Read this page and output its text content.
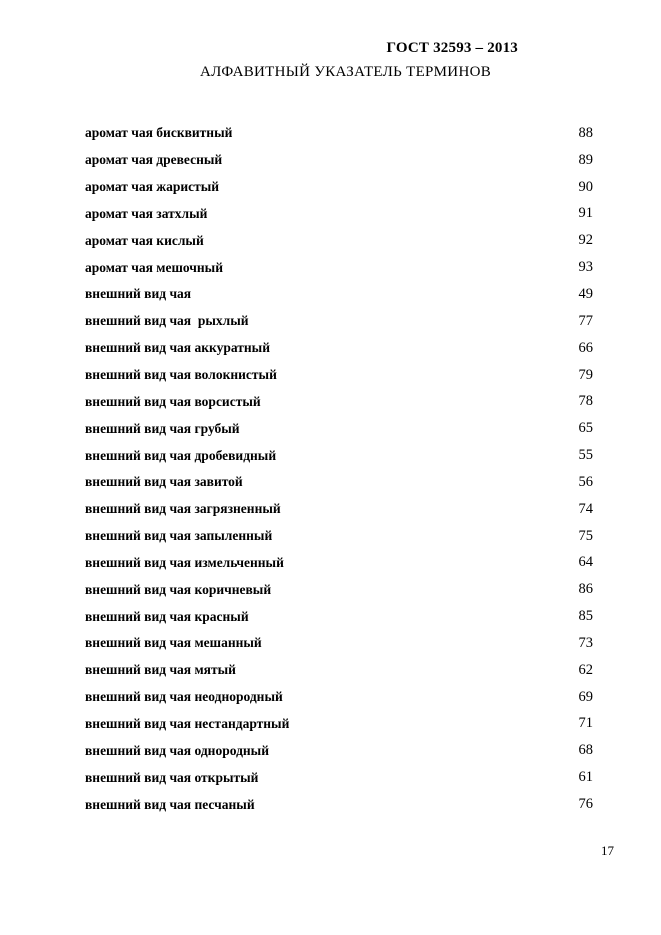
ГОСТ 32593 – 2013
АЛФАВИТНЫЙ УКАЗАТЕЛЬ ТЕРМИНОВ
аромат чая бисквитный	88
аромат чая древесный	89
аромат чая жаристый	90
аромат чая затхлый	91
аромат чая кислый	92
аромат чая мешочный	93
внешний вид чая	49
внешний вид чая  рыхлый	77
внешний вид чая аккуратный	66
внешний вид чая волокнистый	79
внешний вид чая ворсистый	78
внешний вид чая грубый	65
внешний вид чая дробевидный	55
внешний вид чая завитой	56
внешний вид чая загрязненный	74
внешний вид чая запыленный	75
внешний вид чая измельченный	64
внешний вид чая коричневый	86
внешний вид чая красный	85
внешний вид чая мешанный	73
внешний вид чая мятый	62
внешний вид чая неоднородный	69
внешний вид чая нестандартный	71
внешний вид чая однородный	68
внешний вид чая открытый	61
внешний вид чая песчаный	76
17
